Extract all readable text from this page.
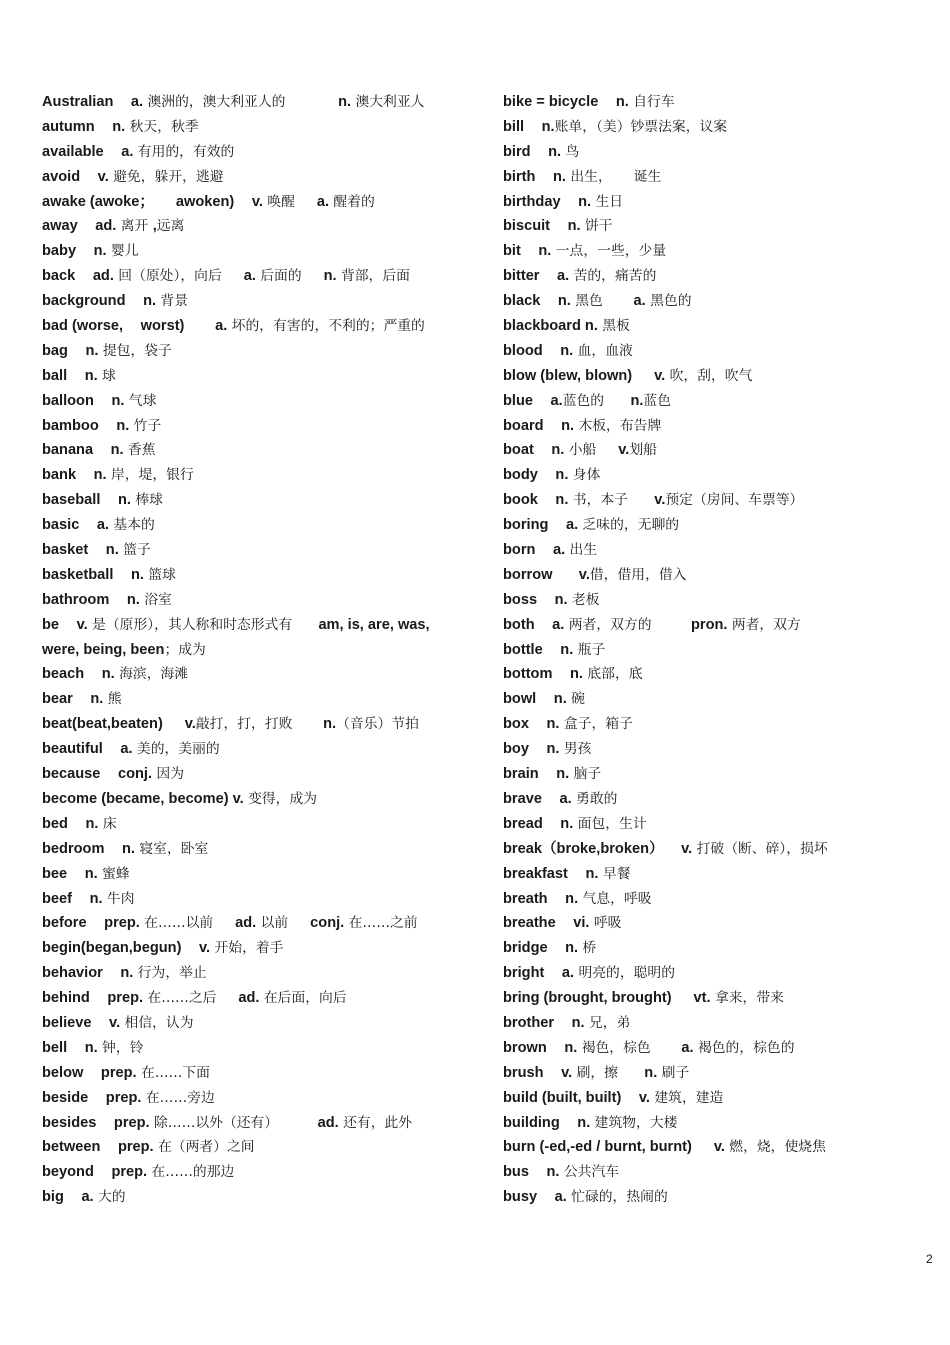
Australian a. 澳洲的，澳大利亚人的            n. 澳大利亚人
autumn n. 秋天，秋季
available a. 有用的，有效的
avoid v. 避免，躲开，逃避
awake (awoke； awoken) v. 唤醒     a. 醒着的
away ad. 离开 ,远离
baby n. 婴儿
back ad. 回（原处），向后     a. 后面的     n. 背部，后面
background n. 背景
bad (worse, worst) a. 坏的，有害的，不利的；严重的
bag n. 提包，袋子
ball n. 球
balloon n. 气球
bamboo n. 竹子
banana n. 香蕉
bank n. 岸，堤，银行
baseball n. 棒球
basic a. 基本的
basket n. 篮子
basketball n. 篮球
bathroom n. 浴室
be v. 是（原形），其人称和时态形式有      am, is, are, was,
were, being, been；成为
beach n. 海滨，海滩
bear n. 熊
beat(beat,beaten) v.敲打，打，打败       n.（音乐）节拍
beautiful a. 美的，美丽的
because conj. 因为
become (became, become) v. 变得，成为
bed n. 床
bedroom n. 寝室，卧室
bee n. 蜜蜂
beef n. 牛肉
before prep. 在……以前     ad. 以前     conj. 在……之前
begin(began,begun) v. 开始，着手
behavior n. 行为，举止
behind prep. 在……之后     ad. 在后面，向后
believe v. 相信，认为
bell n. 钟，铃
below prep. 在……下面
beside prep. 在……旁边
besides prep. 除……以外（还有）         ad. 还有，此外
between prep. 在（两者）之间
beyond prep. 在……的那边
big a. 大的
bike = bicycle n. 自行车
bill n.账单，（美）钞票法案，议案
bird n. 鸟
birth n. 出生，     诞生
birthday n. 生日
biscuit n. 饼干
bit n. 一点，一些，少量
bitter a. 苦的，痛苦的
black n. 黑色       a. 黑色的
blackboard n. 黑板
blood n. 血，血液
blow (blew, blown) v. 吹，刮，吹气
blue a.蓝色的      n.蓝色
board n. 木板，布告牌
boat n. 小船     v.划船
body n. 身体
book n. 书，本子      v.预定（房间、车票等）
boring a. 乏味的，无聊的
born a. 出生
borrow v.借，借用，借入
boss n. 老板
both a. 两者，双方的         pron. 两者，双方
bottle n. 瓶子
bottom n. 底部，底
bowl n. 碗
box n. 盒子，箱子
boy n. 男孩
brain n. 脑子
brave a. 勇敢的
bread n. 面包，生计
break（broke,broken） v. 打破（断、碎），损坏
breakfast n. 早餐
breath n. 气息，呼吸
breathe vi. 呼吸
bridge n. 桥
bright a. 明亮的，聪明的
bring (brought, brought) vt. 拿来，带来
brother n. 兄，弟
brown n. 褐色，棕色       a. 褐色的，棕色的
brush v. 刷，擦      n. 刷子
build (built, built) v. 建筑，建造
building n. 建筑物，大楼
burn (-ed,-ed / burnt, burnt) v. 燃，烧，使烧焦
bus n. 公共汽车
busy a. 忙碌的，热闹的
2
